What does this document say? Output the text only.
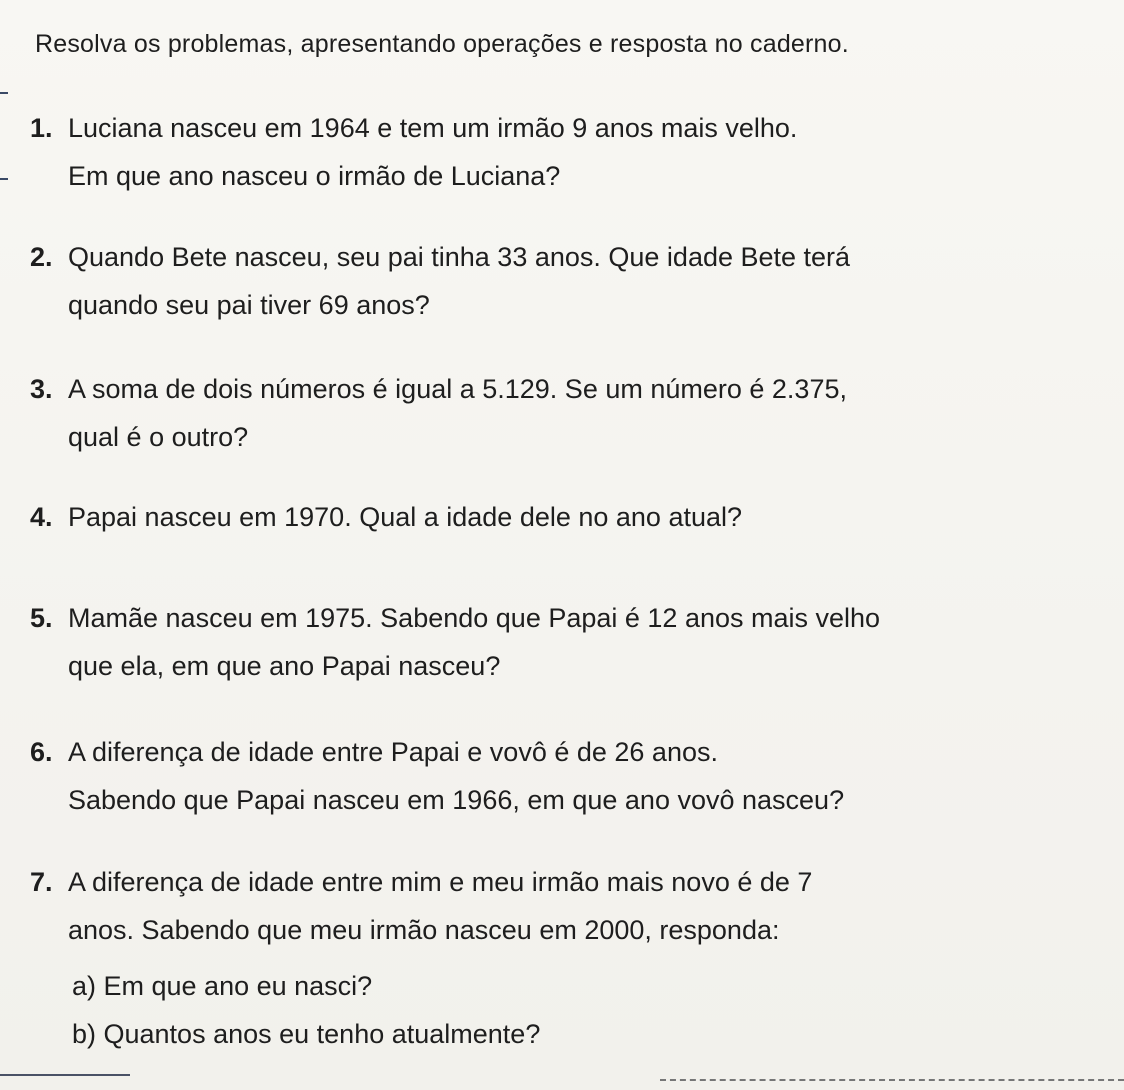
Resolva os problemas, apresentando operações e resposta no caderno.
1. Luciana nasceu em 1964 e tem um irmão 9 anos mais velho.
Em que ano nasceu o irmão de Luciana?
2. Quando Bete nasceu, seu pai tinha 33 anos. Que idade Bete terá
quando seu pai tiver 69 anos?
3. A soma de dois números é igual a 5.129. Se um número é 2.375,
qual é o outro?
4. Papai nasceu em 1970. Qual a idade dele no ano atual?
5. Mamãe nasceu em 1975. Sabendo que Papai é 12 anos mais velho
que ela, em que ano Papai nasceu?
6. A diferença de idade entre Papai e vovô é de 26 anos.
Sabendo que Papai nasceu em 1966, em que ano vovô nasceu?
7. A diferença de idade entre mim e meu irmão mais novo é de 7
anos. Sabendo que meu irmão nasceu em 2000, responda:
a) Em que ano eu nasci?
b) Quantos anos eu tenho atualmente?
